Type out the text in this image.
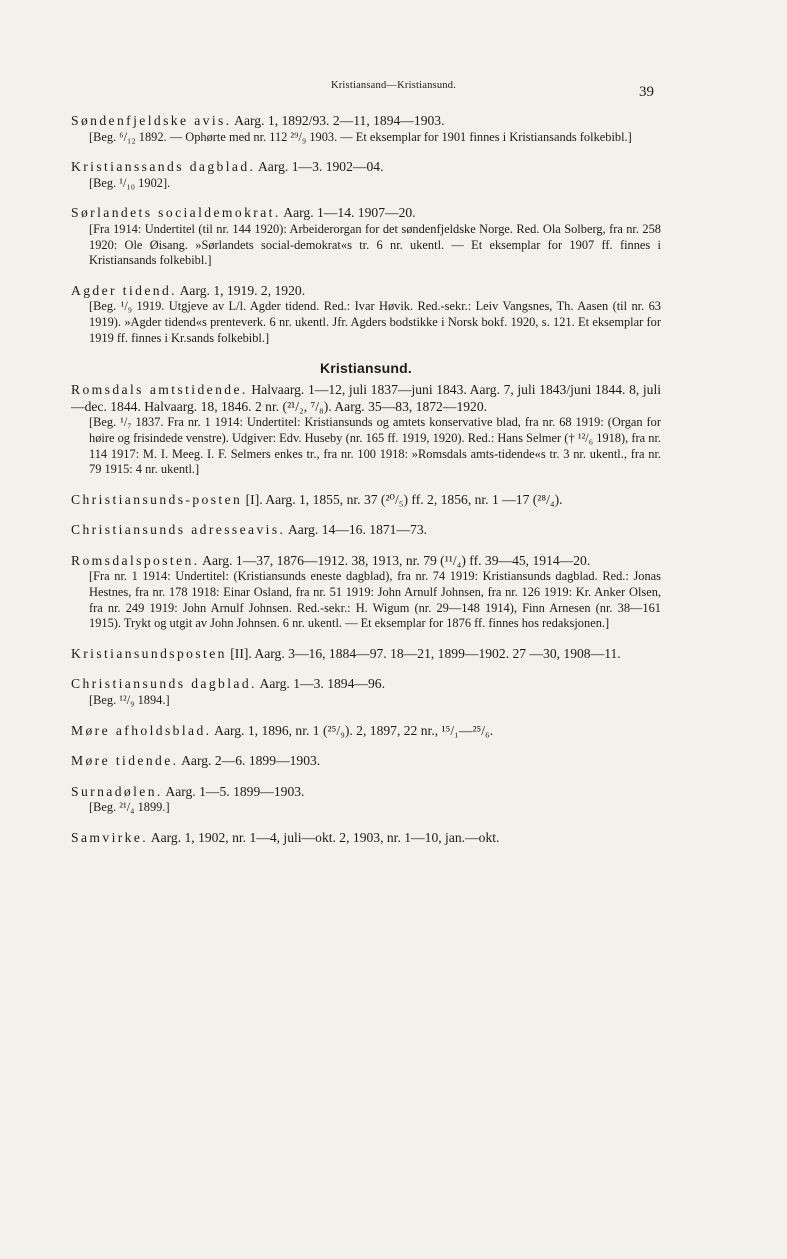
Kristiansand—Kristiansund.	39
Søndenfjeldske avis. Aarg. 1, 1892/93. 2—11, 1894—1903.
[Beg. ⁶/₁₂ 1892. — Ophørte med nr. 112 ²⁹/₉ 1903. — Et eksemplar for 1901 finnes i Kristiansands folkebibl.]
Kristianssands dagblad. Aarg. 1—3. 1902—04.
[Beg. ¹/₁₀ 1902].
Sørlandets socialdemokrat. Aarg. 1—14. 1907—20.
[Fra 1914: Undertitel (til nr. 144 1920): Arbeiderorgan for det søndenfjeldske Norge. Red. Ola Solberg, fra nr. 258 1920: Ole Øisang. »Sørlandets social-demokrat«s tr. 6 nr. ukentl. — Et eksemplar for 1907 ff. finnes i Kristiansands folkebibl.]
Agder tidend. Aarg. 1, 1919. 2, 1920.
[Beg. ¹/₉ 1919. Utgjeve av L/l. Agder tidend. Red.: Ivar Høvik. Red.-sekr.: Leiv Vangsnes, Th. Aasen (til nr. 63 1919). »Agder tidend«s prenteverk. 6 nr. ukentl. Jfr. Agders bodstikke i Norsk bokf. 1920, s. 121. Et eksemplar for 1919 ff. finnes i Kr.sands folkebibl.]
Kristiansund.
Romsdals amtstidende. Halvaarg. 1—12, juli 1837—juni 1843. Aarg. 7, juli 1843/juni 1844. 8, juli—dec. 1844. Halvaarg. 18, 1846. 2 nr. (²¹/₂, ⁷/₈). Aarg. 35—83, 1872—1920.
[Beg. ¹/₇ 1837. Fra nr. 1 1914: Undertitel: Kristiansunds og amtets konservative blad, fra nr. 68 1919: (Organ for høire og frisindede venstre). Udgiver: Edv. Huseby (nr. 165 ff. 1919, 1920). Red.: Hans Selmer († ¹²/₆ 1918), fra nr. 114 1917: M. I. Meeg. I. F. Selmers enkes tr., fra nr. 100 1918: »Romsdals amts-tidende«s tr. 3 nr. ukentl., fra nr. 79 1915: 4 nr. ukentl.]
Christiansunds-posten [I]. Aarg. 1, 1855, nr. 37 (²⁰/₅) ff. 2, 1856, nr. 1 —17 (²⁸/₄).
Christiansunds adresseavis. Aarg. 14—16. 1871—73.
Romsdalsposten. Aarg. 1—37, 1876—1912. 38, 1913, nr. 79 (¹¹/₄) ff. 39—45, 1914—20.
[Fra nr. 1 1914: Undertitel: (Kristiansunds eneste dagblad), fra nr. 74 1919: Kristiansunds dagblad. Red.: Jonas Hestnes, fra nr. 178 1918: Einar Osland, fra nr. 51 1919: John Arnulf Johnsen, fra nr. 126 1919: Kr. Anker Olsen, fra nr. 249 1919: John Arnulf Johnsen. Red.-sekr.: H. Wigum (nr. 29—148 1914), Finn Arnesen (nr. 38—161 1915). Trykt og utgit av John Johnsen. 6 nr. ukentl. — Et eksemplar for 1876 ff. finnes hos redaksjonen.]
Kristiansundsposten [II]. Aarg. 3—16, 1884—97. 18—21, 1899—1902. 27 —30, 1908—11.
Christiansunds dagblad. Aarg. 1—3. 1894—96.
[Beg. ¹²/₉ 1894.]
Møre afholdsblad. Aarg. 1, 1896, nr. 1 (²⁵/₉). 2, 1897, 22 nr., ¹⁵/₁—²⁵/₆.
Møre tidende. Aarg. 2—6. 1899—1903.
Surnadølen. Aarg. 1—5. 1899—1903.
[Beg. ²¹/₄ 1899.]
Samvirke. Aarg. 1, 1902, nr. 1—4, juli—okt. 2, 1903, nr. 1—10, jan.—okt.
